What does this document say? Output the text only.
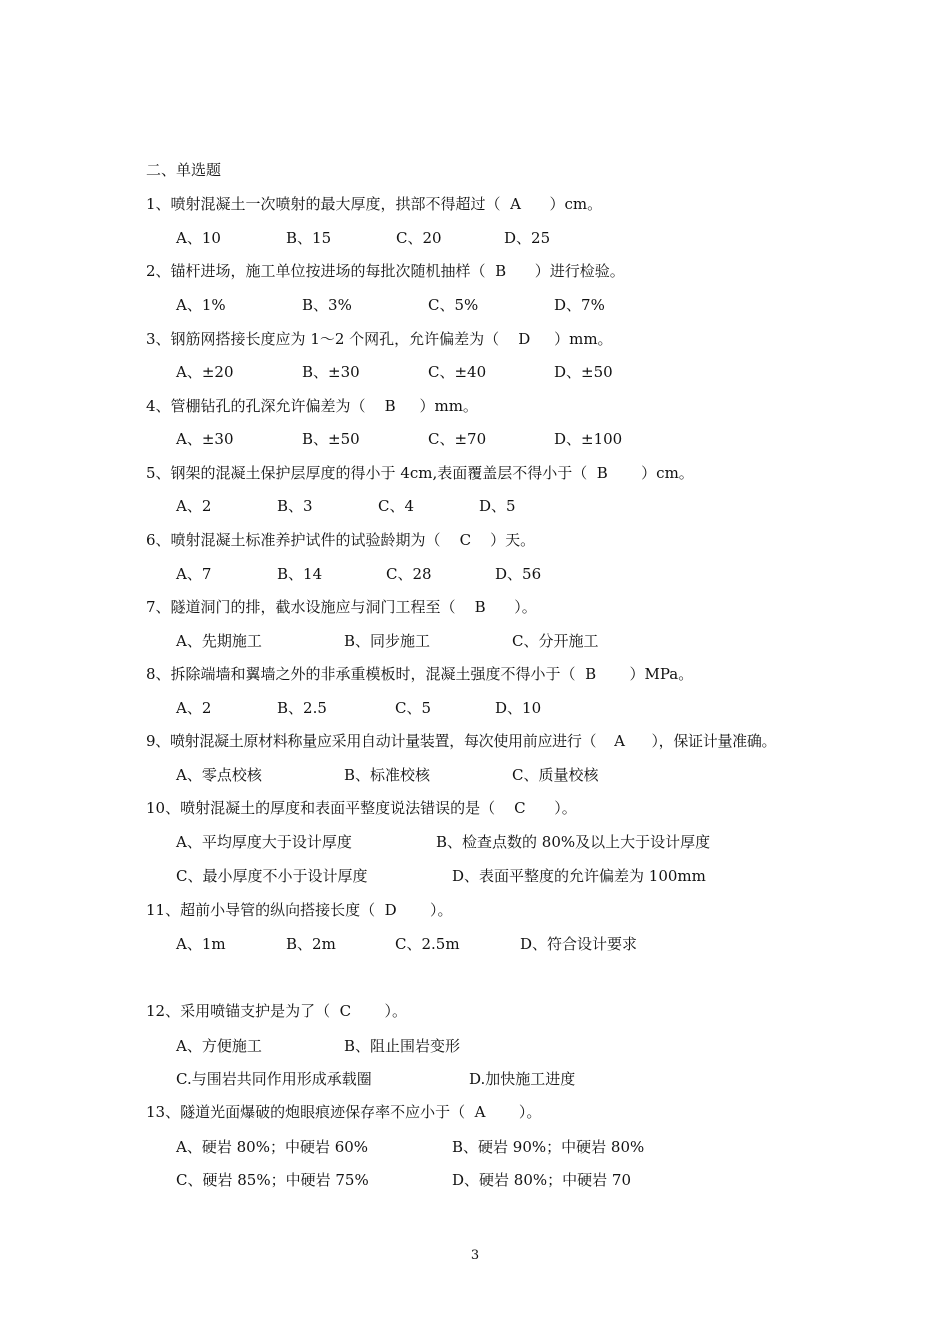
二、单选题
1、喷射混凝土一次喷射的最大厚度，拱部不得超过（  A      ）cm。
A、10	B、15	C、20	D、25
2、锚杆进场，施工单位按进场的每批次随机抽样（  B      ）进行检验。
A、1%	B、3%	C、5%	D、7%
3、钢筋网搭接长度应为 1～2 个网孔，允许偏差为（    D     ）mm。
A、±20	B、±30	C、±40	D、±50
4、管棚钻孔的孔深允许偏差为（    B     ）mm。
A、±30	B、±50	C、±70	D、±100
5、钢架的混凝土保护层厚度的得小于 4cm,表面覆盖层不得小于（  B       ）cm。
A、2	B、3	C、4	D、5
6、喷射混凝土标准养护试件的试验龄期为（    C    ）天。
A、7	B、14	C、28	D、56
7、隧道洞门的排，截水设施应与洞门工程至（    B      ）。
A、先期施工	B、同步施工	C、分开施工
8、拆除端墙和翼墙之外的非承重模板时，混凝土强度不得小于（  B       ）MPa。
A、2	B、2.5	C、5	D、10
9、喷射混凝土原材料称量应采用自动计量装置，每次使用前应进行（    A      ），保证计量准确。
A、零点校核	B、标准校核	C、质量校核
10、喷射混凝土的厚度和表面平整度说法错误的是（    C      ）。
A、平均厚度大于设计厚度	B、检查点数的 80%及以上大于设计厚度
C、最小厚度不小于设计厚度	D、表面平整度的允许偏差为 100mm
11、超前小导管的纵向搭接长度（  D       ）。
A、1m	B、2m	C、2.5m	D、符合设计要求
12、采用喷锚支护是为了（  C       ）。
A、方便施工	B、阻止围岩变形
C.与围岩共同作用形成承载圈	D.加快施工进度
13、隧道光面爆破的炮眼痕迹保存率不应小于（  A       ）。
A、硬岩 80%；中硬岩 60%	B、硬岩 90%；中硬岩 80%
C、硬岩 85%；中硬岩 75%	D、硬岩 80%；中硬岩 70
3
